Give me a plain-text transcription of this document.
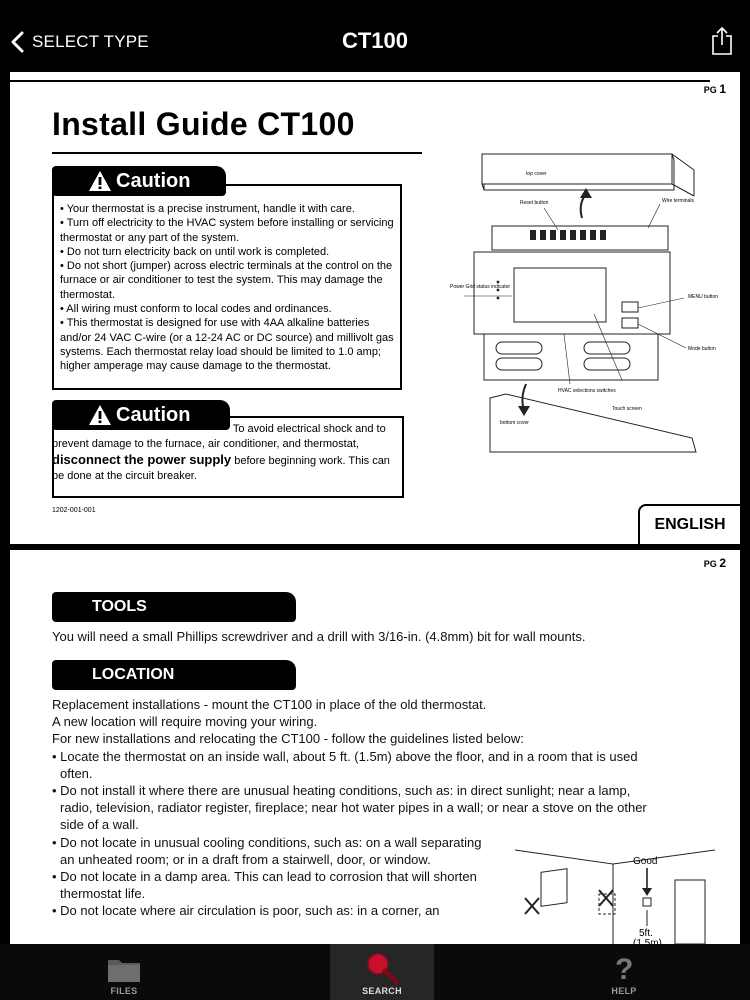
SELECT TYPE	CT100
PG 1
Install Guide CT100
Caution
• Your thermostat is a precise instrument, handle it with care.
• Turn off electricity to the HVAC system before installing or servicing thermostat or any part of the system.
• Do not turn electricity back on until work is completed.
• Do not short (jumper) across electric terminals at the control on the furnace or air conditioner to test the system. This may damage the thermostat.
• All wiring must conform to local codes and ordinances.
• This thermostat is designed for use with 4AA alkaline batteries and/or 24 VAC C-wire (or a 12-24 AC or DC source) and millivolt gas systems. Each thermostat relay load should be limited to 1.0 amp; higher amperage may cause damage to the thermostat.
Caution
To avoid electrical shock and to prevent damage to the furnace, air conditioner, and thermostat, disconnect the power supply before beginning work. This can be done at the circuit breaker.
1202-001-001
ENGLISH
top cover
Reset button	Wire terminals
Power Grid status indicator
MENU button
Mode button
HVAC selections switches
Touch screen
bottom cover
PG 2
TOOLS
You will need a small Phillips screwdriver and a drill with 3/16-in. (4.8mm) bit for wall mounts.
LOCATION
Replacement installations - mount the CT100 in place of the old thermostat.
A new location will require moving your wiring.
For new installations and relocating the CT100 - follow the guidelines listed below:
• Locate the thermostat on an inside wall, about 5 ft. (1.5m) above the floor, and in a room that is used often.
• Do not install it where there are unusual heating conditions, such as: in direct sunlight; near a lamp, radio, television, radiator register, fireplace; near hot water pipes in a wall; or near a stove on the other side of a wall.
• Do not locate in unusual cooling conditions, such as: on a wall separating an unheated room; or in a draft from a stairwell, door, or window.
• Do not locate in a damp area. This can lead to corrosion that will shorten thermostat life.
• Do not locate where air circulation is poor, such as: in a corner, an
Good
5ft.
FILES	SEARCH
?
HELP
